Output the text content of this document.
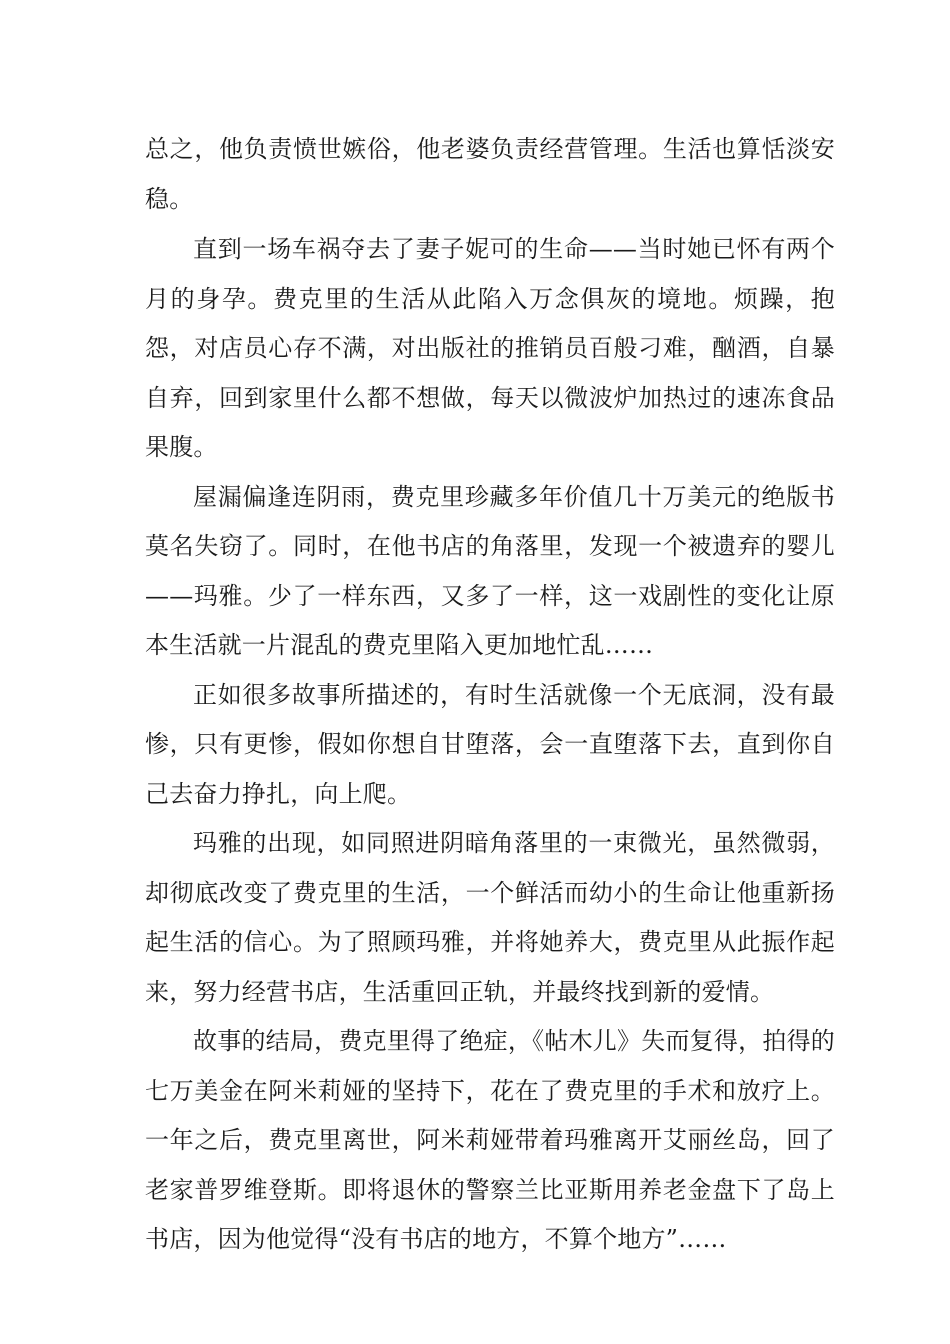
总之，他负责愤世嫉俗，他老婆负责经营管理。生活也算恬淡安稳。

直到一场车祸夺去了妻子妮可的生命——当时她已怀有两个月的身孕。费克里的生活从此陷入万念俱灰的境地。烦躁，抱怨，对店员心存不满，对出版社的推销员百般刁难，酗酒，自暴自弃，回到家里什么都不想做，每天以微波炉加热过的速冻食品果腹。

屋漏偏逢连阴雨，费克里珍藏多年价值几十万美元的绝版书莫名失窃了。同时，在他书店的角落里，发现一个被遗弃的婴儿——玛雅。少了一样东西，又多了一样，这一戏剧性的变化让原本生活就一片混乱的费克里陷入更加地忙乱……

正如很多故事所描述的，有时生活就像一个无底洞，没有最惨，只有更惨，假如你想自甘堕落，会一直堕落下去，直到你自己去奋力挣扎，向上爬。

玛雅的出现，如同照进阴暗角落里的一束微光，虽然微弱，却彻底改变了费克里的生活，一个鲜活而幼小的生命让他重新扬起生活的信心。为了照顾玛雅，并将她养大，费克里从此振作起来，努力经营书店，生活重回正轨，并最终找到新的爱情。

故事的结局，费克里得了绝症，《帖木儿》失而复得，拍得的七万美金在阿米莉娅的坚持下，花在了费克里的手术和放疗上。一年之后，费克里离世，阿米莉娅带着玛雅离开艾丽丝岛，回了老家普罗维登斯。即将退休的警察兰比亚斯用养老金盘下了岛上书店，因为他觉得“没有书店的地方，不算个地方”……
